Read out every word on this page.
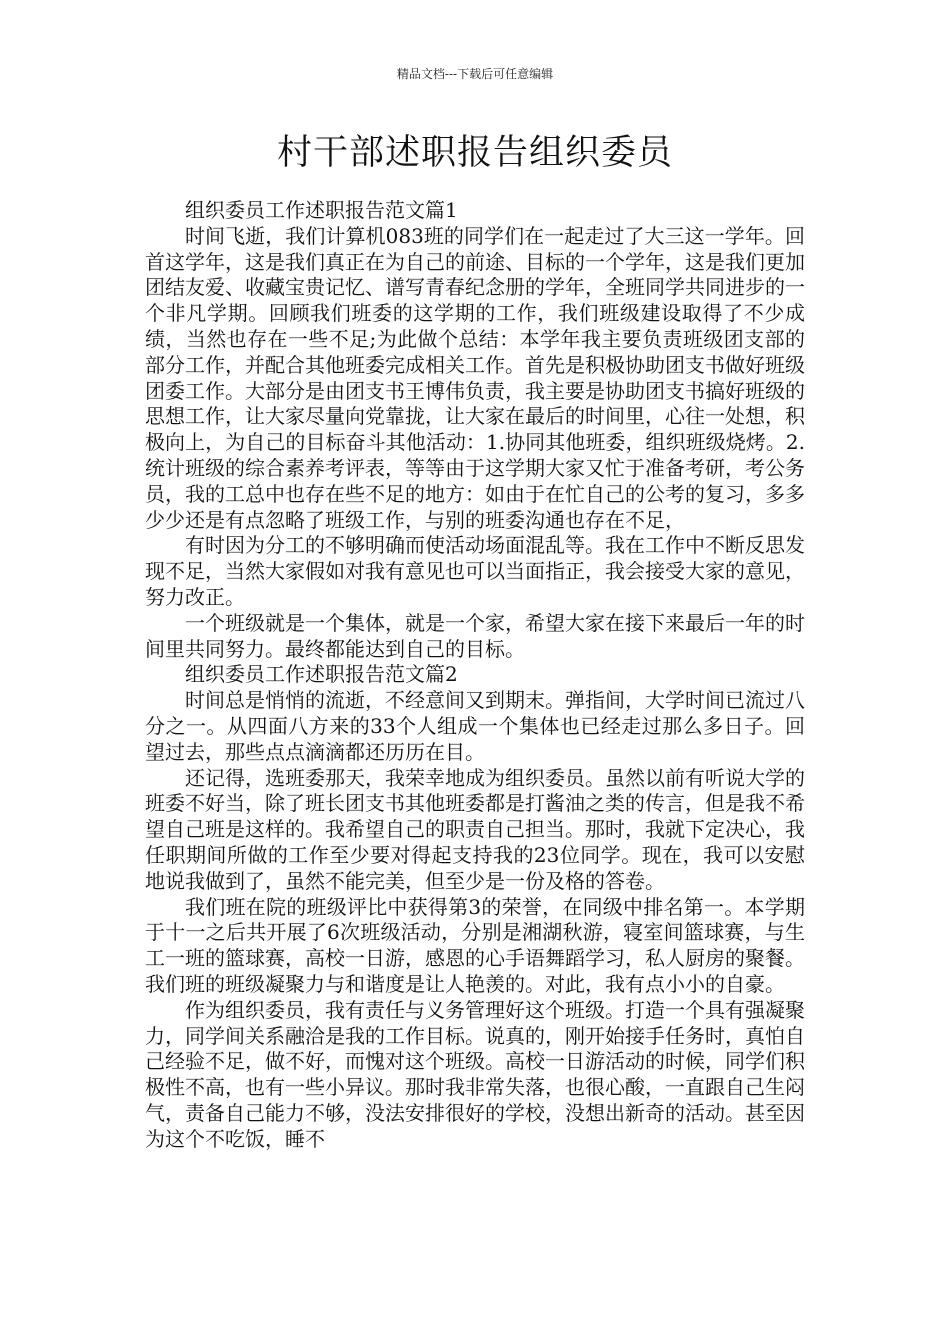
精品文档---下载后可任意编辑
村干部述职报告组织委员

组织委员工作述职报告范文篇1

时间飞逝，我们计算机083班的同学们在一起走过了大三这一学年。回首这学年，这是我们真正在为自己的前途、目标的一个学年，这是我们更加团结友爱、收藏宝贵记忆、谱写青春纪念册的学年，全班同学共同进步的一个非凡学期。回顾我们班委的这学期的工作，我们班级建设取得了不少成绩，当然也存在一些不足;为此做个总结：本学年我主要负责班级团支部的部分工作，并配合其他班委完成相关工作。首先是积极协助团支书做好班级团委工作。大部分是由团支书王博伟负责，我主要是协助团支书搞好班级的思想工作，让大家尽量向党靠拢，让大家在最后的时间里，心往一处想，积极向上，为自己的目标奋斗其他活动：1.协同其他班委，组织班级烧烤。2.统计班级的综合素养考评表，等等由于这学期大家又忙于准备考研，考公务员，我的工总中也存在些不足的地方：如由于在忙自己的公考的复习，多多少少还是有点忽略了班级工作，与别的班委沟通也存在不足，

有时因为分工的不够明确而使活动场面混乱等。我在工作中不断反思发现不足，当然大家假如对我有意见也可以当面指正，我会接受大家的意见，努力改正。

一个班级就是一个集体，就是一个家，希望大家在接下来最后一年的时间里共同努力。最终都能达到自己的目标。

组织委员工作述职报告范文篇2

时间总是悄悄的流逝，不经意间又到期末。弹指间，大学时间已流过八分之一。从四面八方来的33个人组成一个集体也已经走过那么多日子。回望过去，那些点点滴滴都还历历在目。

还记得，选班委那天，我荣幸地成为组织委员。虽然以前有听说大学的班委不好当，除了班长团支书其他班委都是打酱油之类的传言，但是我不希望自己班是这样的。我希望自己的职责自己担当。那时，我就下定决心，我任职期间所做的工作至少要对得起支持我的23位同学。现在，我可以安慰地说我做到了，虽然不能完美，但至少是一份及格的答卷。

我们班在院的班级评比中获得第3的荣誉，在同级中排名第一。本学期于十一之后共开展了6次班级活动，分别是湘湖秋游，寝室间篮球赛，与生工一班的篮球赛，高校一日游，感恩的心手语舞蹈学习，私人厨房的聚餐。我们班的班级凝聚力与和谐度是让人艳羡的。对此，我有点小小的自豪。

作为组织委员，我有责任与义务管理好这个班级。打造一个具有强凝聚力，同学间关系融洽是我的工作目标。说真的，刚开始接手任务时，真怕自己经验不足，做不好，而愧对这个班级。高校一日游活动的时候，同学们积极性不高，也有一些小异议。那时我非常失落，也很心酸，一直跟自己生闷气，责备自己能力不够，没法安排很好的学校，没想出新奇的活动。甚至因为这个不吃饭，睡不
